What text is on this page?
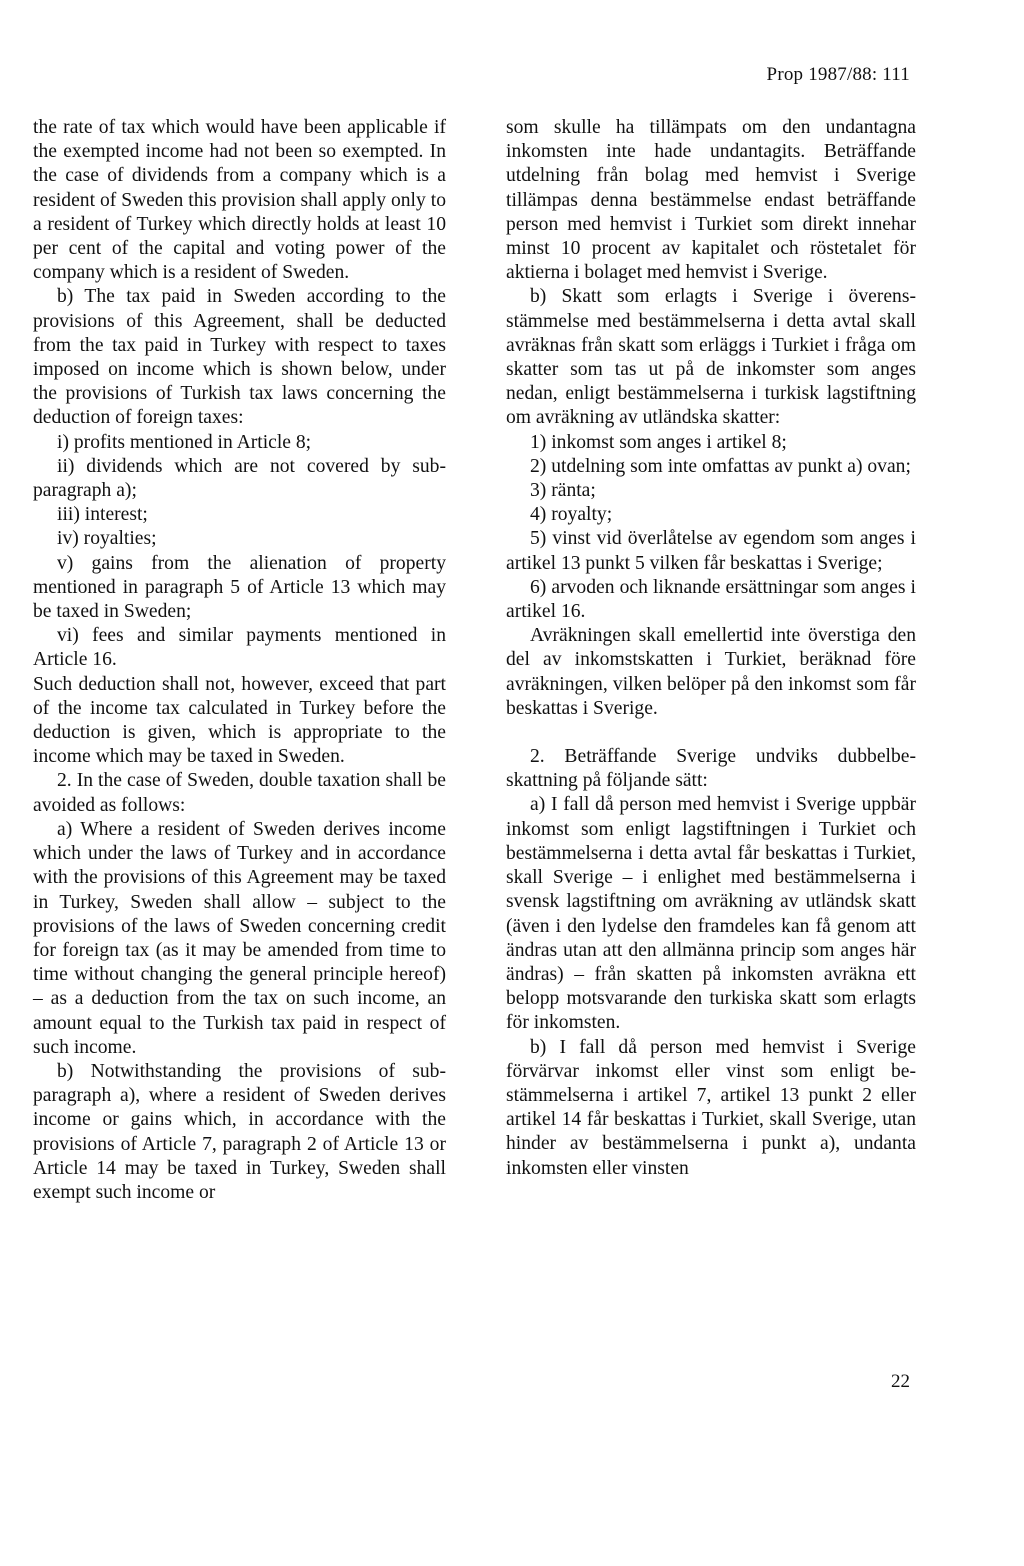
Prop 1987/88: 111

the rate of tax which would have been applicable if the exempted income had not been so exempted. In the case of dividends from a company which is a resident of Sweden this provision shall apply only to a resident of Turkey which directly holds at least 10 per cent of the capital and voting power of the company which is a resident of Sweden.

b) The tax paid in Sweden according to the provisions of this Agreement, shall be deducted from the tax paid in Turkey with respect to taxes imposed on income which is shown below, under the provisions of Turkish tax laws concerning the deduction of foreign taxes:

i) profits mentioned in Article 8;

ii) dividends which are not covered by sub-paragraph a);

iii) interest;

iv) royalties;

v) gains from the alienation of property mentioned in paragraph 5 of Article 13 which may be taxed in Sweden;

vi) fees and similar payments mentioned in Article 16.

Such deduction shall not, however, exceed that part of the income tax calculated in Turkey before the deduction is given, which is appropriate to the income which may be taxed in Sweden.

2. In the case of Sweden, double taxation shall be avoided as follows:

a) Where a resident of Sweden derives income which under the laws of Turkey and in accordance with the provisions of this Agreement may be taxed in Turkey, Sweden shall allow – subject to the provisions of the laws of Sweden concerning credit for foreign tax (as it may be amended from time to time without changing the general principle hereof) – as a deduction from the tax on such income, an amount equal to the Turkish tax paid in respect of such income.

b) Notwithstanding the provisions of subparagraph a), where a resident of Sweden derives income or gains which, in accordance with the provisions of Article 7, paragraph 2 of Article 13 or Article 14 may be taxed in Turkey, Sweden shall exempt such income or

som skulle ha tillämpats om den undantagna inkomsten inte hade undantagits. Beträffande utdelning från bolag med hemvist i Sverige tillämpas denna bestämmelse endast beträffande person med hemvist i Turkiet som direkt innehar minst 10 procent av kapitalet och röstetalet för aktierna i bolaget med hemvist i Sverige.

b) Skatt som erlagts i Sverige i överensstämmelse med bestämmelserna i detta avtal skall avräknas från skatt som erläggs i Turkiet i fråga om skatter som tas ut på de inkomster som anges nedan, enligt bestämmelserna i turkisk lagstiftning om avräkning av utländska skatter:

1) inkomst som anges i artikel 8;

2) utdelning som inte omfattas av punkt a) ovan;

3) ränta;

4) royalty;

5) vinst vid överlåtelse av egendom som anges i artikel 13 punkt 5 vilken får beskattas i Sverige;

6) arvoden och liknande ersättningar som anges i artikel 16.

Avräkningen skall emellertid inte överstiga den del av inkomstskatten i Turkiet, beräknad före avräkningen, vilken belöper på den inkomst som får beskattas i Sverige.

2. Beträffande Sverige undviks dubbelbeskattning på följande sätt:

a) I fall då person med hemvist i Sverige uppbär inkomst som enligt lagstiftningen i Turkiet och bestämmelserna i detta avtal får beskattas i Turkiet, skall Sverige – i enlighet med bestämmelserna i svensk lagstiftning om avräkning av utländsk skatt (även i den lydelse den framdeles kan få genom att ändras utan att den allmänna princip som anges här ändras) – från skatten på inkomsten avräkna ett belopp motsvarande den turkiska skatt som erlagts för inkomsten.

b) I fall då person med hemvist i Sverige förvärvar inkomst eller vinst som enligt bestämmelserna i artikel 7, artikel 13 punkt 2 eller artikel 14 får beskattas i Turkiet, skall Sverige, utan hinder av bestämmelserna i punkt a), undanta inkomsten eller vinsten

22
